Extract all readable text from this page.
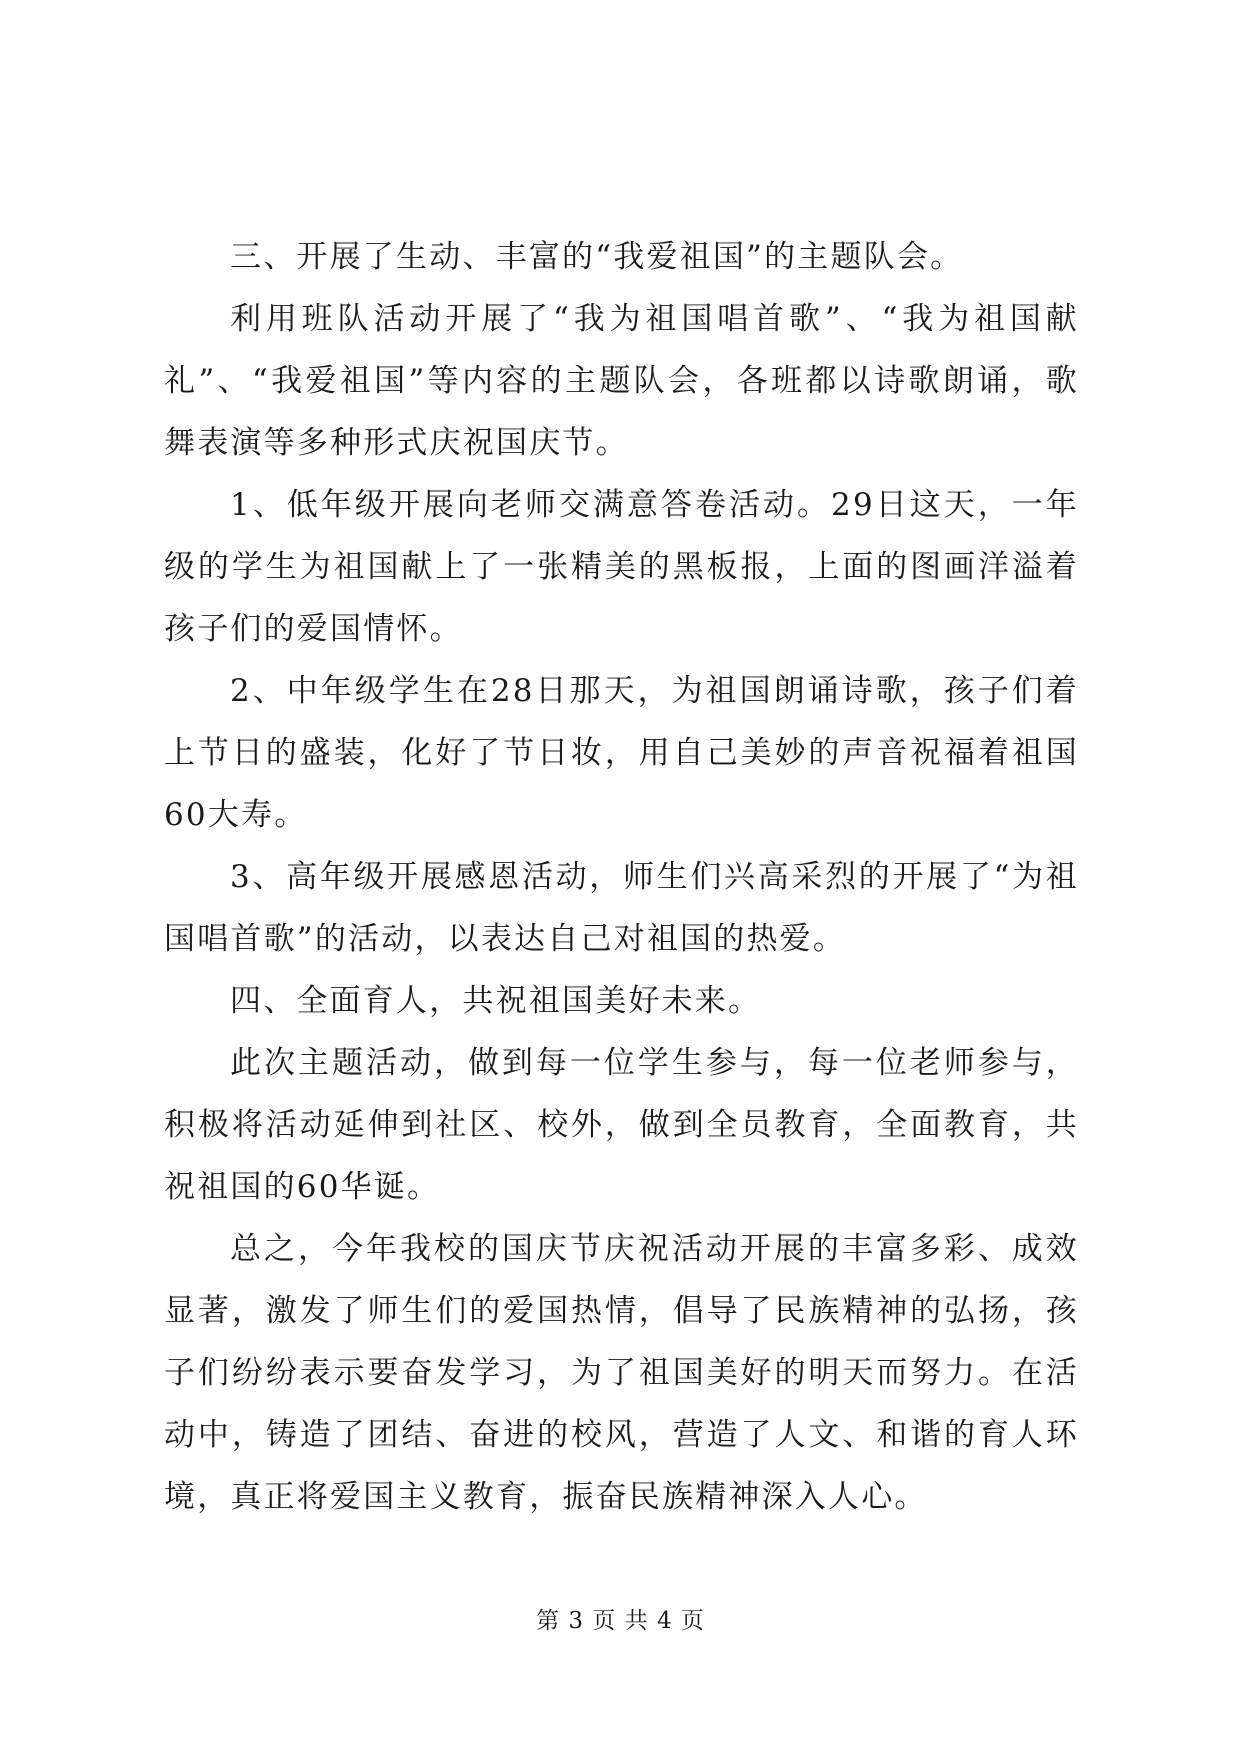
三、开展了生动、丰富的“我爱祖国”的主题队会。

利用班队活动开展了“我为祖国唱首歌”、“我为祖国献礼”、“我爱祖国”等内容的主题队会，各班都以诗歌朗诵，歌舞表演等多种形式庆祝国庆节。

1、低年级开展向老师交满意答卷活动。29日这天，一年级的学生为祖国献上了一张精美的黑板报，上面的图画洋溢着孩子们的爱国情怀。

2、中年级学生在28日那天，为祖国朗诵诗歌，孩子们着上节日的盛装，化好了节日妆，用自己美妙的声音祝福着祖国60大寿。

3、高年级开展感恩活动，师生们兴高采烈的开展了“为祖国唱首歌”的活动，以表达自己对祖国的热爱。

四、全面育人，共祝祖国美好未来。

此次主题活动，做到每一位学生参与，每一位老师参与，积极将活动延伸到社区、校外，做到全员教育，全面教育，共祝祖国的60华诞。

总之，今年我校的国庆节庆祝活动开展的丰富多彩、成效显著，激发了师生们的爱国热情，倡导了民族精神的弘扬，孩子们纷纷表示要奋发学习，为了祖国美好的明天而努力。在活动中，铸造了团结、奋进的校风，营造了人文、和谐的育人环境，真正将爱国主义教育，振奋民族精神深入人心。

第 3 页 共 4 页
